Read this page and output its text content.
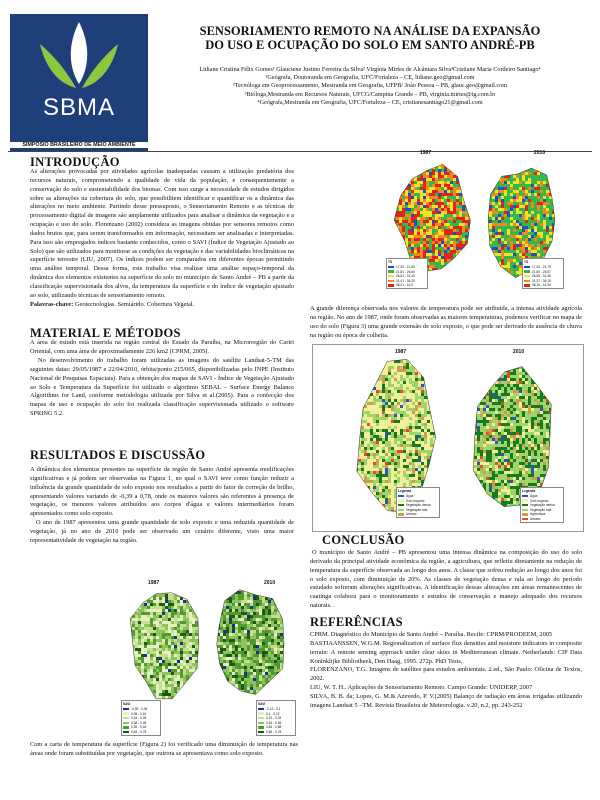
SBMA
SIMPÓSIO BRASILEIRO DE MEIO AMBIENTE
SENSORIAMENTO REMOTO NA ANÁLISE DA EXPANSÃO
DO USO E OCUPAÇÃO DO SOLO EM SANTO ANDRÉ-PB
Lidiane Cristina Félix Gomes¹ Glauciene Justino Ferreira da Silva² Virgínia Mirtes de Alcântara Silva³Cristiane Maria Cordeiro Santiago⁴
¹Geógrafa, Doutoranda em Geografia, UFC/Fortaleza – CE, lidiane.geo@gmail.com
²Tecnóloga em Geoprocessamento, Mestranda em Geografia, UFPB/ João Pessoa – PB, glauc.geo@gmail.com
³Bióloga,Mestranda em Recursos Naturais, UFCG/Campina Grande – PB, virginia.mirtes@ig.com.br
⁴Geógrafa,Mestranda em Geografia, UFC/Fortaleza – CE, cristianesantiago21@gmail.com
INTRODUÇÃO

As alterações provocadas por atividades agrícolas inadequadas causam a utilização predatória dos recursos naturais, comprometendo a qualidade de vida da população, e consequentemente a conservação do solo e sustentabilidade dos biomas. Com isso surge a necessidade de estudos dirigidos sobre as alterações na cobertura do solo, que possibilitem identificar e quantificar os a dinâmica das alterações no meio ambiente. Partindo desse pressuposto, o Sensoriamento Remoto e as técnicas de processamento digital de imagens são amplamente utilizados para analisar a dinâmica da vegetação e a ocupação e uso do solo. Florenzano (2002) considera as imagens obtidas por sensores remotos como dados brutos que, para serem transformados em informação, necessitam ser analisadas e interpretadas. Para isso são empregados índices bastante conhecidos, como o SAVI (Índice de Vegetação Ajustado ao Solo) que são utilizados para monitorar as condições da vegetação e das variabilidades bioclimáticas na superfície terrestre (LIU, 2007). Os índices podem ser comparados em diferentes épocas permitindo uma análise temporal. Dessa forma, este trabalho visa realizar uma análise espaço-temporal da dinâmica dos elementos existentes na superfície do solo no município de Santo André – PB a partir da classificação supervisionada dos alvos, da temperatura da superfície e do índice de vegetação ajustado ao solo, utilizando técnicas de sensoriamento remoto.
Palavras-chave: Geotecnologias. Semiárido. Cobertura Vegetal.

MATERIAL E MÉTODOS

A área de estudo está inserida na região central do Estado da Paraíba, na Microrregião do Cariri Oriental, com uma área de aproximadamente 226 km2 (CPRM, 2005).

No desenvolvimento do trabalho foram utilizadas as imagens do satélite Landsat-5-TM das seguintes datas: 29/05/1987 e 22/04/2010, órbita/ponto 215/065, disponibilizadas pelo INPE (Instituto Nacional de Pesquisas Espaciais). Para a obtenção dos mapas de SAVI - Índice de Vegetação Ajustado ao Solo e Temperatura da Superfície foi utilizado o algoritmo SEBAL – Surface Energy Balance Algorithms for Land, conforme metodologia utilizada por Silva et al.(2005). Para a confecção dos mapas de uso e ocupação do solo foi realizada classificação supervisionada utilizado o software SPRING 5.2.

RESULTADOS E DISCUSSÃO

A dinâmica dos elementos presentes na superfície da região de Santo André apresenta modificações significativas e já podem ser observadas na Figura 1, no qual o SAVI teve como função reduzir a influência da grande quantidade de solo exposto nos resultados a partir do fator de correção de brilho, apresentando valores variando de -0,39 a 0,78, onde os maiores valores são referentes à presença de vegetação, os menores valores atribuídos aos corpos d'água e valores intermediários foram apresentados como solo exposto.

O ano de 1987 apresentou uma grande quantidade de solo exposto e uma reduzida quantidade de vegetação, já no ano de 2010 pode ser observado um cenário diferente, visto uma maior representatividade de vegetação na região.

1987	2010
SAVI
-0,39 - 0,06
0,06 - 0,16
0,16 - 0,26
0,26 - 0,35
0,35 - 0,45
0,45 - 0,78
SAVI
-0,12 - 0,1
0,1 - 0,22
0,22 - 0,34
0,34 - 0,46
0,46 - 0,58
0,58 - 0,78

Com a carta de temperatura da superfície (Figura 2) foi verificado uma diminuição de temperatura nas áreas onde foram substituídas por vegetação, que outrora se apresentava como solo exposto.

1987	2010
TS
17,00 - 21,80
21,81 - 26,60
26,61 - 31,40
31,41 - 36,20
36,21 - 41,0
TS
17,00 - 21,79
21,80 - 26,57
26,58 - 31,36
31,37 - 36,15
36,16 - 41,94

A grande diferença observada nos valores de temperatura pode ser atribuída, a intensa atividade agrícola na região. No ano de 1987, onde foram observadas as maiores temperaturas, podemos verificar no mapa de uso do solo (Figura 3) uma grande extensão de solo exposto, o que pode ser derivado de ausência de chuva na região ou época de colheita.

1987	2010
Legenda
Água
Solo exposto
Vegetação densa
Vegetação rala
Urbano
Legenda
Água
Solo exposto
Vegetação densa
Vegetação rala
Agricultura
Urbano
CONCLUSÃO

O município de Santo André – PB apresentou uma intensa dinâmica na composição do uso do solo derivado da principal atividade econômica da região, a agricultura, que refletiu diretamente na redução de temperatura da superfície observada ao longo dos anos. A classe que sofreu redução ao longo dos anos foi o solo exposto, com diminuição de 20%. As classes de vegetação densa e rala ao longo do período estudado sofreram alterações significativas. A identificação dessas alterações em áreas remanescentes de caatinga colabora para o monitoramento e estudos de conservação e manejo adequado dos recursos naturais. .

REFERÊNCIAS

CPRM. Diagnóstico do Município de Santo André – Paraíba. Recife: CPRM/PRODEEM, 2005

BASTIAANSSEN, W.G.M. Regionalization of surface flux densities and moisture indicators in composite terrain: A remote sensing approach under clear skies in Mediterranean climate. Netherlands: CIP Data Koninklijke Bibliotheek, Den Haag, 1995. 272p. PhD Tesis.

FLORENZANO, T.G. Imagens de satélites para estudos ambientais. 2.ed., São Paulo: Oficina de Textos, 2002.

LIU, W. T. H.. Aplicações de Sensoriamento Remoto. Campo Grande: UNIDERP, 2007

SILVA, B. B. da; Lopes, G. M.& Azevedo, P. V.(2005) Balanço de radiação em áreas irrigadas utilizando imagens Landsat 5 –TM. Revista Brasileira de Meteorologia. v.20, n.2, pp. 243-252
